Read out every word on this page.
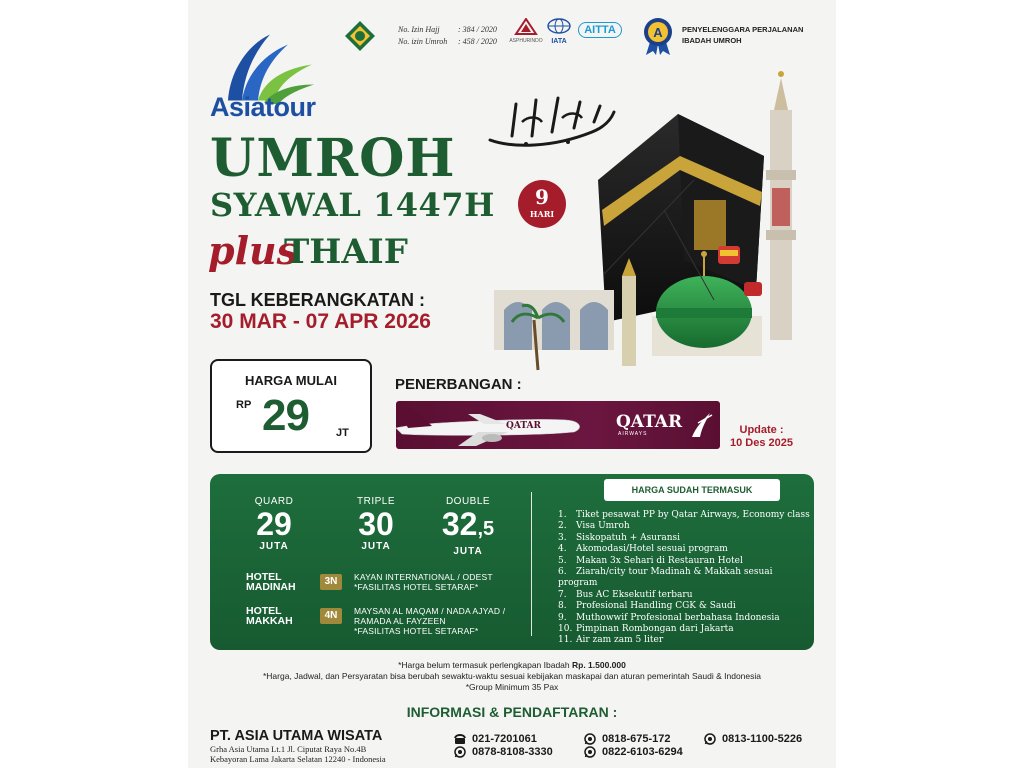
Asiatour
No. Izin Hajj : 384 / 2020
No. izin Umroh : 458 / 2020	ASPHURINDO	IATA
AITTA	A	PENYELENGGARA PERJALANAN
IBADAH UMROH
UMROH
SYAWAL 1447H
plus
THAIF
9
HARI
TGL KEBERANGKATAN :
30 MAR - 07 APR 2026
HARGA MULAI
RP 29 JT
PENERBANGAN :
QATAR
AIRWAYS
QATAR	Update :
10 Des 2025
QUARD
29
JUTA
TRIPLE
30
JUTA
DOUBLE
32,5
JUTA
HOTEL
MADINAH	3N	KAYAN INTERNATIONAL / ODEST
*FASILITAS HOTEL SETARAF*
HOTEL
MAKKAH	4N	MAYSAN AL MAQAM / NADA AJYAD /
RAMADA AL FAYZEEN
*FASILITAS HOTEL SETARAF*
HARGA SUDAH TERMASUK
1. Tiket pesawat PP by Qatar Airways, Economy class
2. Visa Umroh
3. Siskopatuh + Asuransi
4. Akomodasi/Hotel sesuai program
5. Makan 3x Sehari di Restauran Hotel
6. Ziarah/city tour Madinah & Makkah sesuai program
7. Bus AC Eksekutif terbaru
8. Profesional Handling CGK & Saudi
9. Muthowwif Profesional berbahasa Indonesia
10. Pimpinan Rombongan dari Jakarta
11. Air zam zam 5 liter
*Harga belum termasuk perlengkapan Ibadah Rp. 1.500.000
*Harga, Jadwal, dan Persyaratan bisa berubah sewaktu-waktu sesuai kebijakan maskapai dan aturan pemerintah Saudi & Indonesia
*Group Minimum 35 Pax
INFORMASI & PENDAFTARAN :
PT. ASIA UTAMA WISATA
Grha Asia Utama Lt.1 Jl. Ciputat Raya No.4B
Kebayoran Lama Jakarta Selatan 12240 - Indonesia
021-7201061
0878-8108-3330
0818-675-172
0822-6103-6294
0813-1100-5226
